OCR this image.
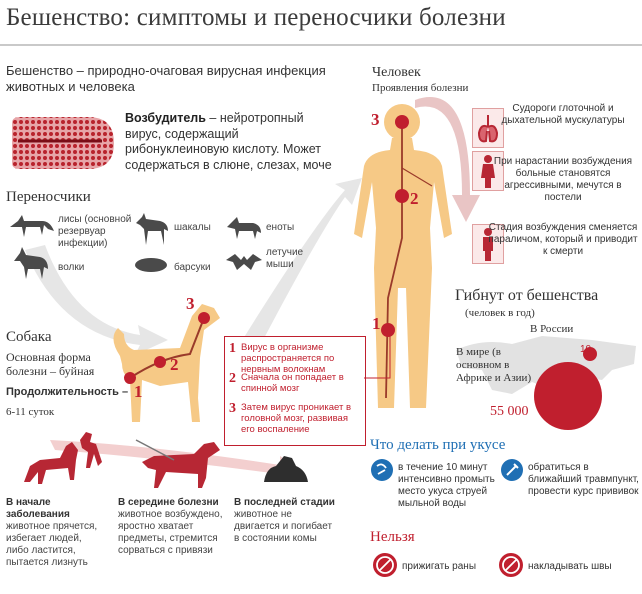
Бешенство: симптомы и переносчики болезни
Бешенство – природно-очаговая вирусная инфекция животных и человека
Возбудитель – нейротропный вирус, содержащий рибонуклеиновую кислоту. Может содержаться в слюне, слезах, моче
Переносчики
лисы (основной резервуар инфекции)
волки
шакалы
барсуки
еноты
летучие мыши
Собака
Основная форма болезни – буйная
Продолжительность –
6-11 суток
1
2
3
1 Вирус в организме распространяется по нервным волокнам
2 Сначала он попадает в спинной мозг
3 Затем вирус проникает в головной мозг, развивая его воспаление
В начале заболевания
животное прячется, избегает людей, либо ластится, пытается лизнуть
В середине болезни
животное возбуждено, яростно хватает предметы, стремится сорваться с привязи
В последней стадии
животное не двигается и погибает в состоянии комы
Человек
Проявления болезни
3
2
1
Судороги глоточной и дыхательной мускулатуры
При нарастании возбуждения больные становятся агрессивными, мечутся в постели
Стадия возбуждения сменяется параличом, который и приводит к смерти
Гибнут от бешенства
(человек в год)
В России
10
В мире (в основном в Африке и Азии)
55 000
Что делать при укусе
в течение 10 минут интенсивно промыть место укуса струей мыльной воды
обратиться в ближайший травмпункт, провести курс прививок
Нельзя
прижигать раны	накладывать швы
